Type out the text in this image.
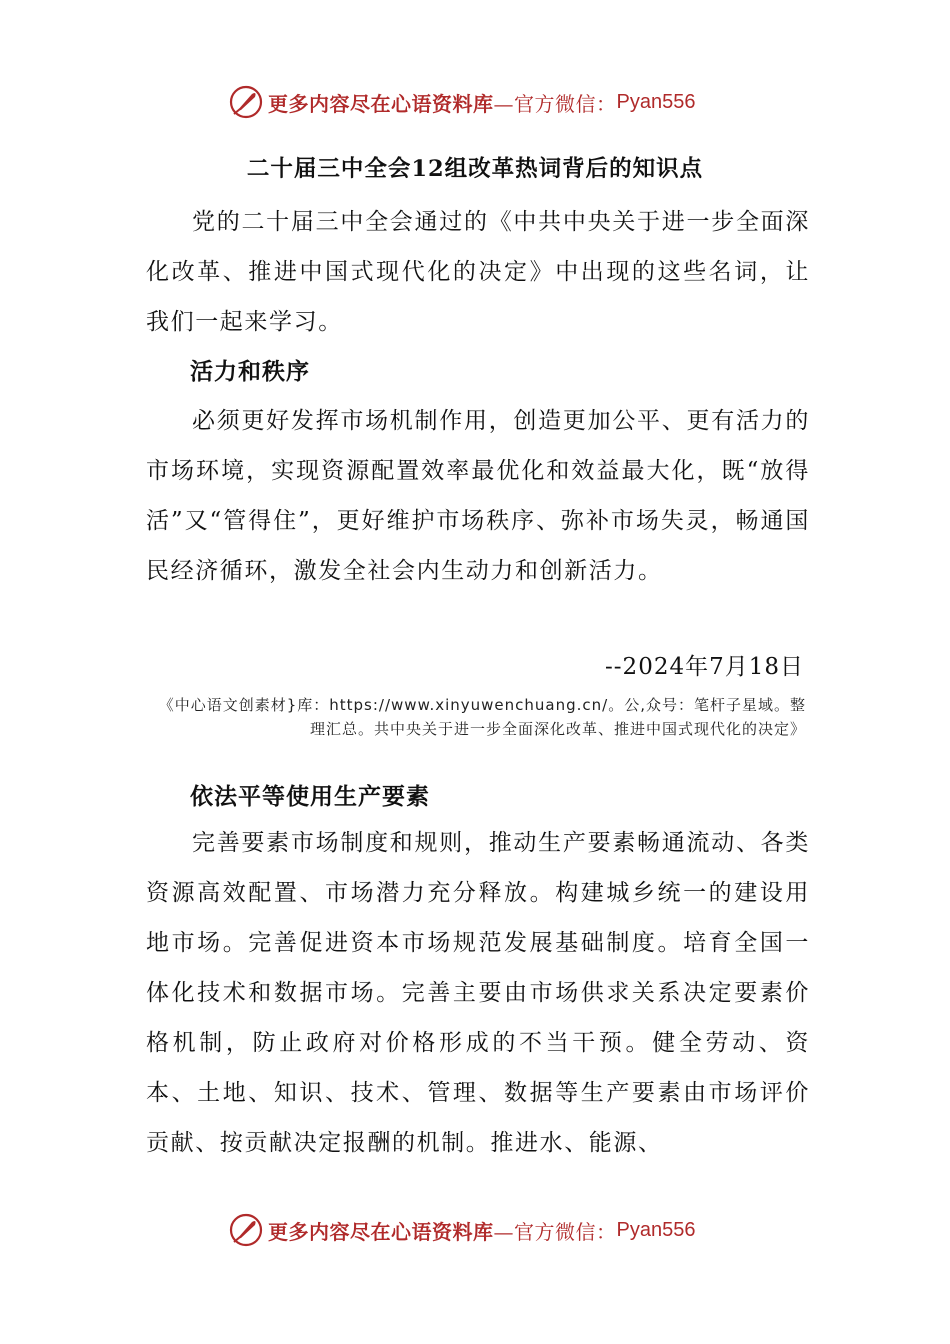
更多内容尽在心语资料库 —官方微信： Pyan556
二十届三中全会12组改革热词背后的知识点
党的二十届三中全会通过的《中共中央关于进一步全面深化改革、推进中国式现代化的决定》中出现的这些名词，让我们一起来学习。
活力和秩序
必须更好发挥市场机制作用，创造更加公平、更有活力的市场环境，实现资源配置效率最优化和效益最大化，既“放得活”又“管得住”，更好维护市场秩序、弥补市场失灵，畅通国民经济循环，激发全社会内生动力和创新活力。
--2024年7月18日
《中心语文创素材}库：https://www.xinyuwenchuang.cn/。公,众号：笔杆子星域。整理汇总。共中央关于进一步全面深化改革、推进中国式现代化的决定》
依法平等使用生产要素
完善要素市场制度和规则，推动生产要素畅通流动、各类资源高效配置、市场潜力充分释放。构建城乡统一的建设用地市场。完善促进资本市场规范发展基础制度。培育全国一体化技术和数据市场。完善主要由市场供求关系决定要素价格机制，防止政府对价格形成的不当干预。健全劳动、资本、土地、知识、技术、管理、数据等生产要素由市场评价贡献、按贡献决定报酬的机制。推进水、能源、
更多内容尽在心语资料库 —官方微信： Pyan556
